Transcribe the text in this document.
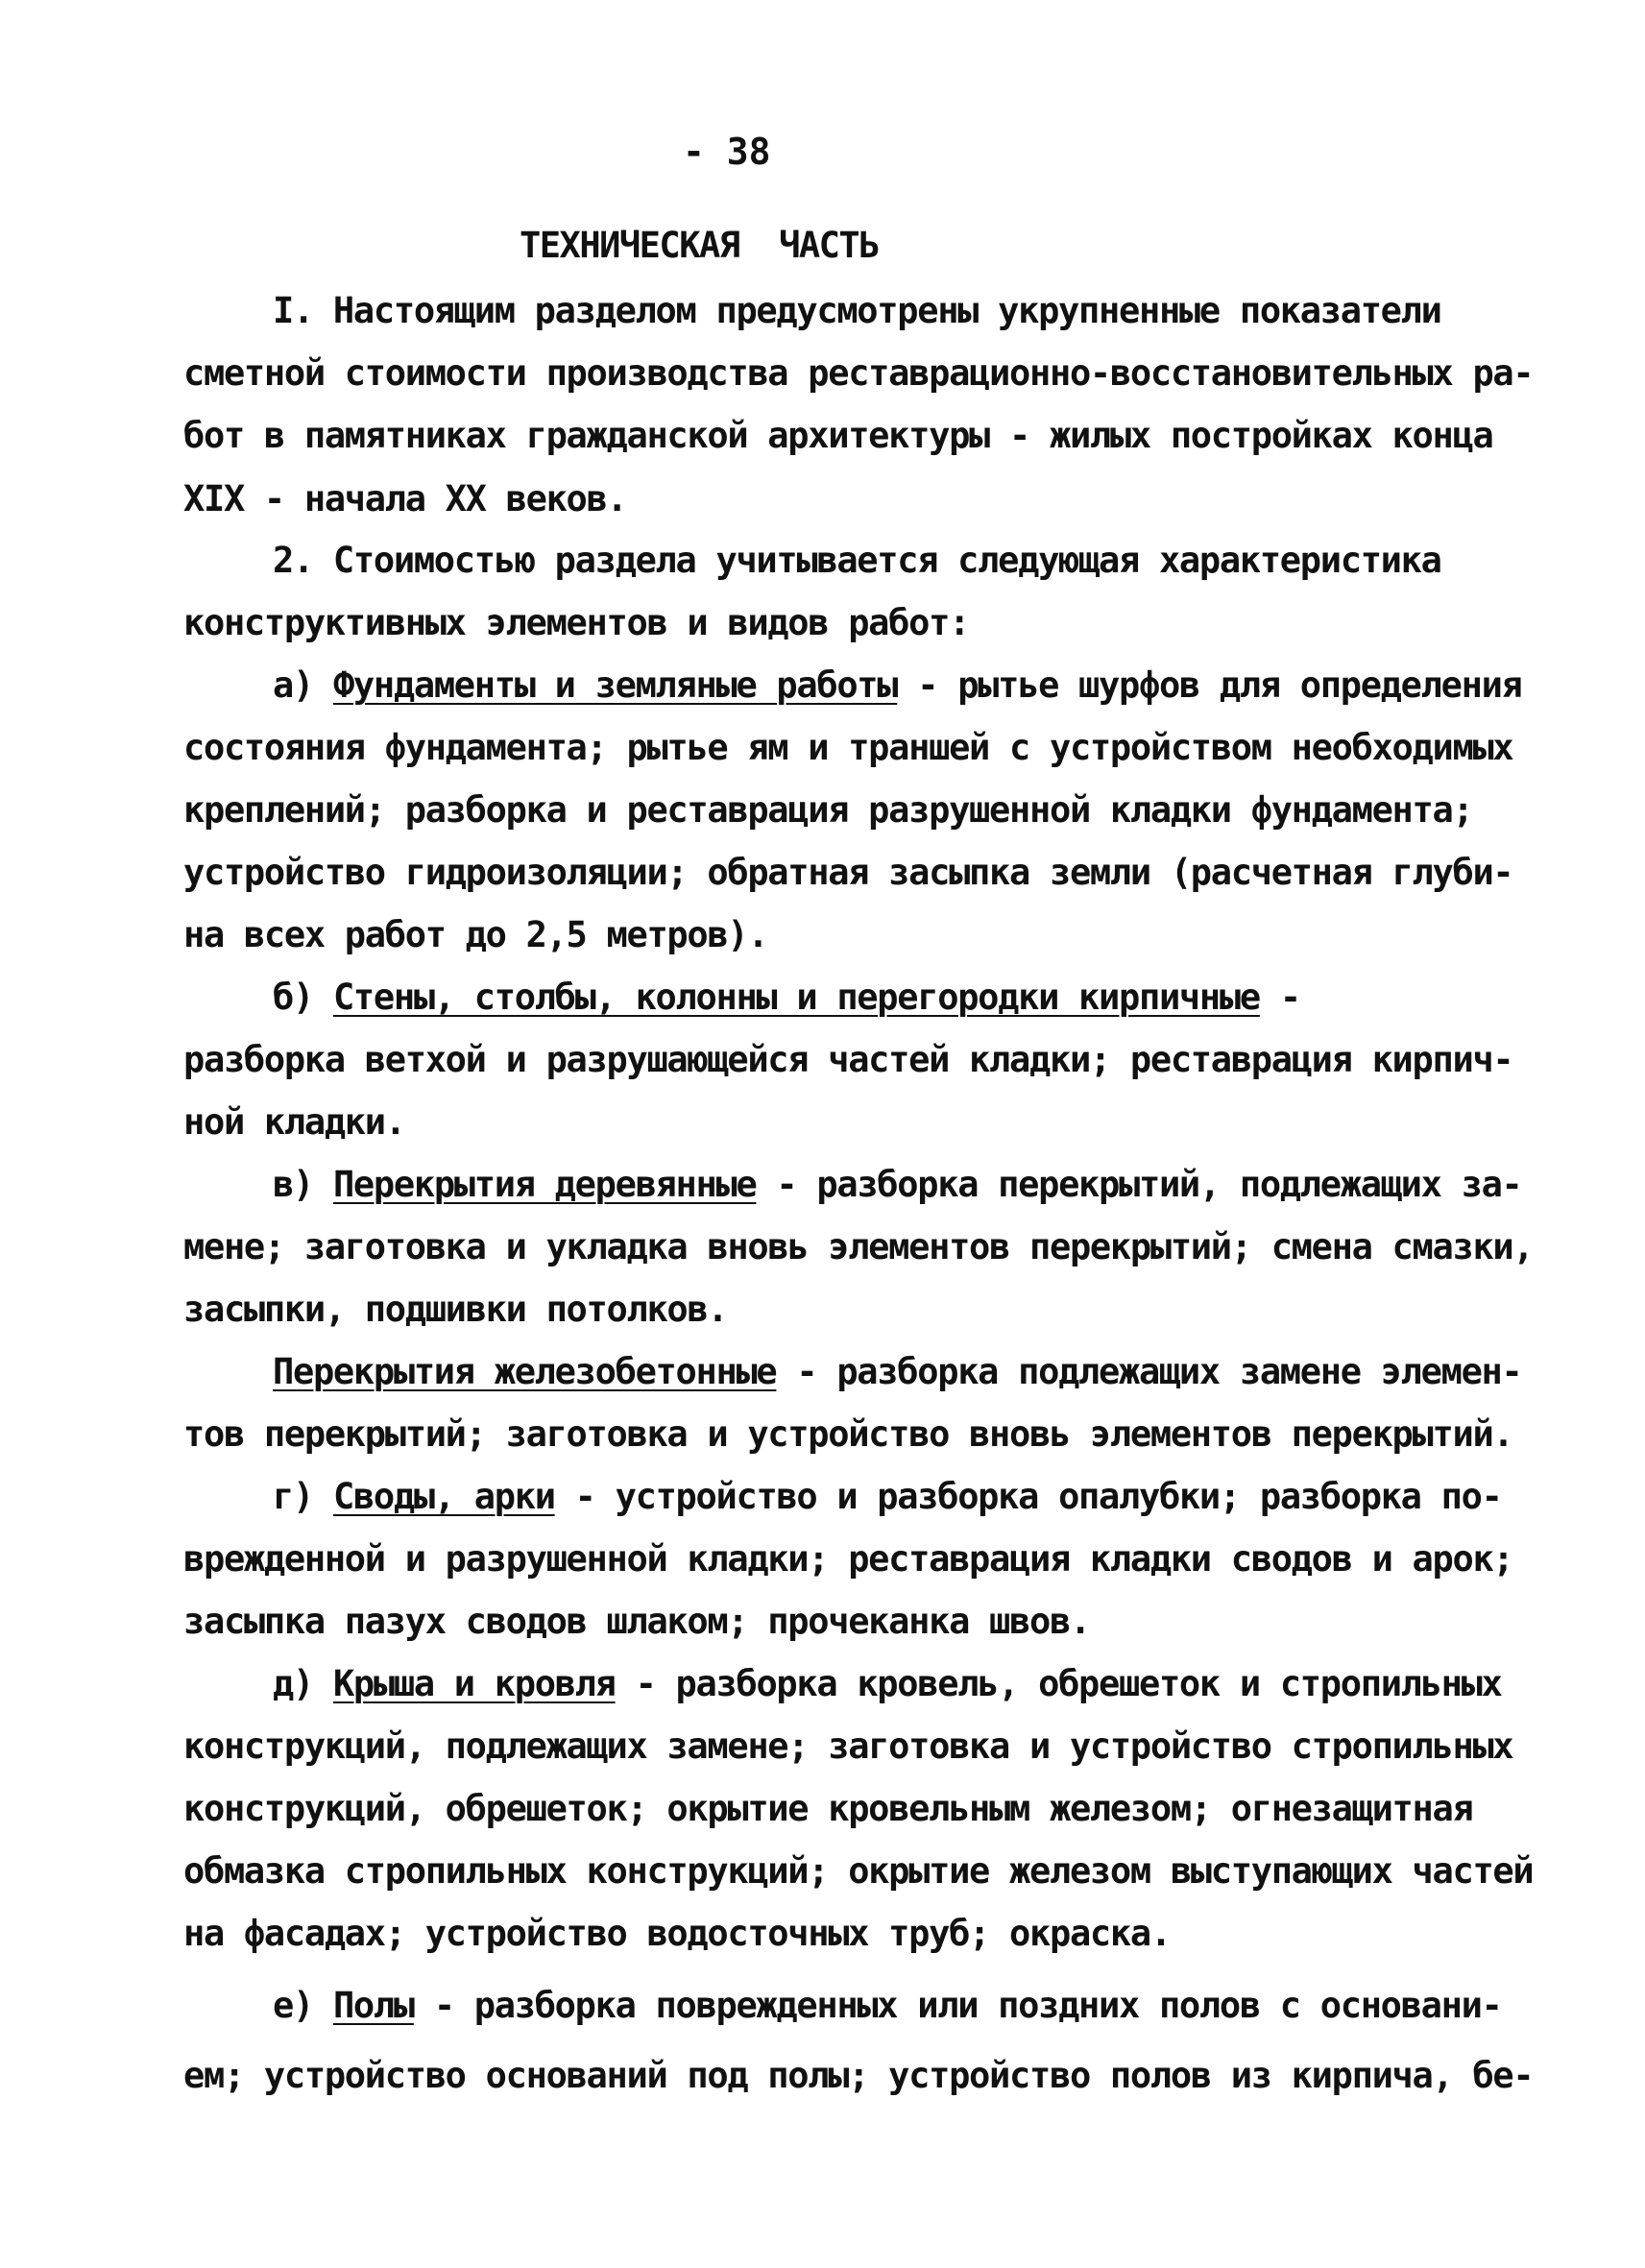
- 38
ТЕХНИЧЕСКАЯ  ЧАСТЬ
I. Настоящим разделом предусмотрены укрупненные показатели
сметной стоимости производства реставрационно-восстановительных ра-
бот в памятниках гражданской архитектуры - жилых постройках конца
XIX - начала XX веков.
2. Стоимостью раздела учитывается следующая характеристика
конструктивных элементов и видов работ:
а) Фундаменты и земляные работы - рытье шурфов для определения
состояния фундамента; рытье ям и траншей с устройством необходимых
креплений; разборка и реставрация разрушенной кладки фундамента;
устройство гидроизоляции; обратная засыпка земли (расчетная глуби-
на всех работ до 2,5 метров).
б) Стены, столбы, колонны и перегородки кирпичные -
разборка ветхой и разрушающейся частей кладки; реставрация кирпич-
ной кладки.
в) Перекрытия деревянные - разборка перекрытий, подлежащих за-
мене; заготовка и укладка вновь элементов перекрытий; смена смазки,
засыпки, подшивки потолков.
Перекрытия железобетонные - разборка подлежащих замене элемен-
тов перекрытий; заготовка и устройство вновь элементов перекрытий.
г) Своды, арки - устройство и разборка опалубки; разборка по-
врежденной и разрушенной кладки; реставрация кладки сводов и арок;
засыпка пазух сводов шлаком; прочеканка швов.
д) Крыша и кровля - разборка кровель, обрешеток и стропильных
конструкций, подлежащих замене; заготовка и устройство стропильных
конструкций, обрешеток; окрытие кровельным железом; огнезащитная
обмазка стропильных конструкций; окрытие железом выступающих частей
на фасадах; устройство водосточных труб; окраска.
е) Полы - разборка поврежденных или поздних полов с основани-
ем; устройство оснований под полы; устройство полов из кирпича, бе-
